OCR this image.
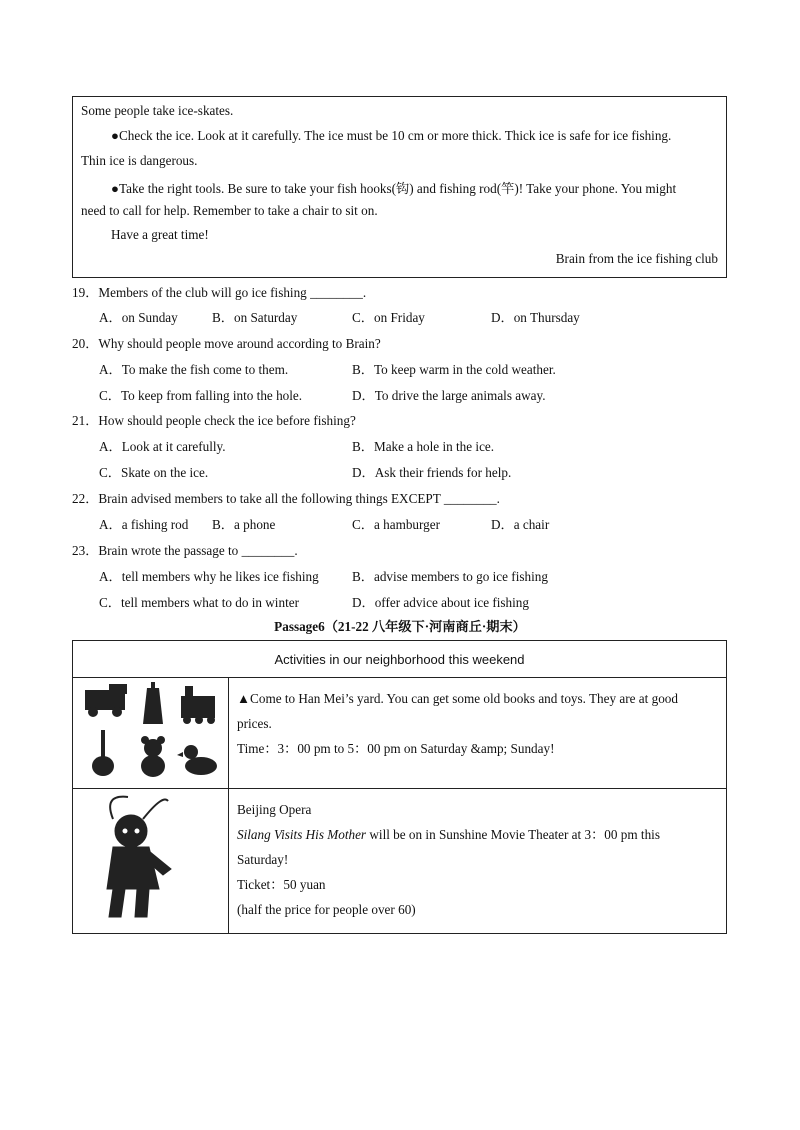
Some people take ice-skates.
●Check the ice. Look at it carefully. The ice must be 10 cm or more thick. Thick ice is safe for ice fishing.
Thin ice is dangerous.
●Take the right tools. Be sure to take your fish hooks(钩) and fishing rod(竿)! Take your phone. You might
need to call for help. Remember to take a chair to sit on.
Have a great time!
Brain from the ice fishing club
19．Members of the club will go ice fishing ________.
A．on Sunday	B．on Saturday	C．on Friday	D．on Thursday
20．Why should people move around according to Brain?
A．To make the fish come to them.	B．To keep warm in the cold weather.
C．To keep from falling into the hole.	D．To drive the large animals away.
21．How should people check the ice before fishing?
A．Look at it carefully.	B．Make a hole in the ice.
C．Skate on the ice.	D．Ask their friends for help.
22．Brain advised members to take all the following things EXCEPT ________.
A．a fishing rod B．a phone	C．a hamburger	D．a chair
23．Brain wrote the passage to ________.
A．tell members why he likes ice fishing	B．advise members to go ice fishing
C．tell members what to do in winter	D．offer advice about ice fishing
Passage6（21-22 八年级下·河南商丘·期末）
Activities in our neighborhood this weekend	

▲Come to Han Mei’s yard. You can get some old books and toys. They are at good
prices.
Time：3：00 pm to 5：00 pm on Saturday &amp; Sunday!

Beijing Opera
Silang Visits His Mother will be on in Sunshine Movie Theater at 3：00 pm this
Saturday!
Ticket：50 yuan
(half the price for people over 60)
